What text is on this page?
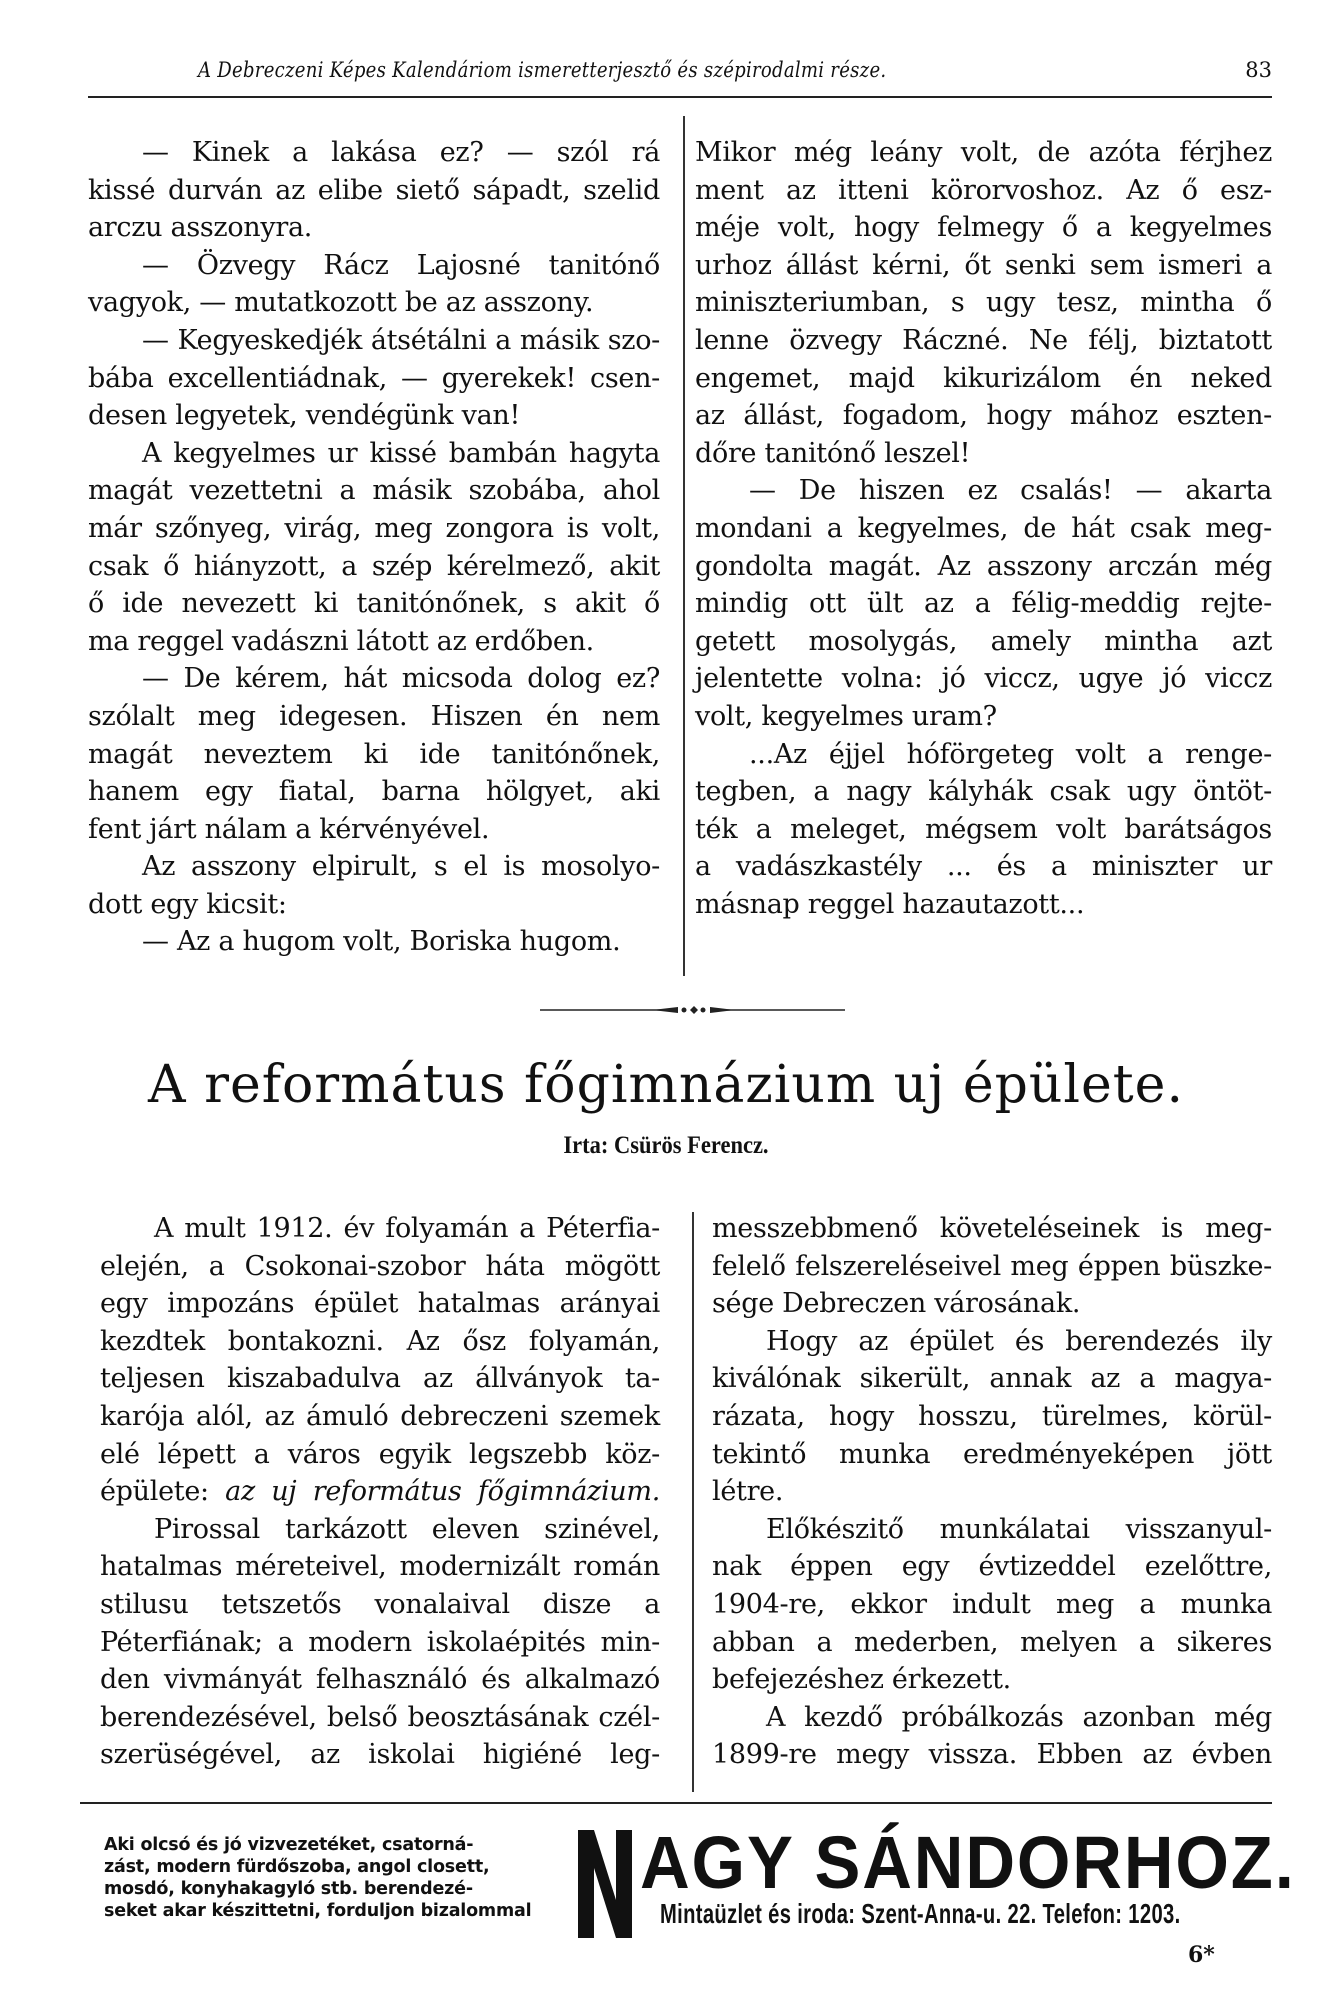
A Debreczeni Képes Kalendáriom ismeretterjesztő és szépirodalmi része.	83
— Kinek a lakása ez? — szól rá
kissé durván az elibe siető sápadt, szelid
arczu asszonyra.
— Özvegy Rácz Lajosné tanitónő
vagyok, — mutatkozott be az asszony.
— Kegyeskedjék átsétálni a másik szo-
bába excellentiádnak, — gyerekek! csen-
desen legyetek, vendégünk van!
A kegyelmes ur kissé bambán hagyta
magát vezettetni a másik szobába, ahol
már szőnyeg, virág, meg zongora is volt,
csak ő hiányzott, a szép kérelmező, akit
ő ide nevezett ki tanitónőnek, s akit ő
ma reggel vadászni látott az erdőben.
— De kérem, hát micsoda dolog ez?
szólalt meg idegesen. Hiszen én nem
magát neveztem ki ide tanitónőnek,
hanem egy fiatal, barna hölgyet, aki
fent járt nálam a kérvényével.
Az asszony elpirult, s el is mosolyo-
dott egy kicsit:
— Az a hugom volt, Boriska hugom.
Mikor még leány volt, de azóta férjhez
ment az itteni körorvoshoz. Az ő esz-
méje volt, hogy felmegy ő a kegyelmes
urhoz állást kérni, őt senki sem ismeri a
miniszteriumban, s ugy tesz, mintha ő
lenne özvegy Ráczné. Ne félj, biztatott
engemet, majd kikurizálom én neked
az állást, fogadom, hogy mához eszten-
dőre tanitónő leszel!
— De hiszen ez csalás! — akarta
mondani a kegyelmes, de hát csak meg-
gondolta magát. Az asszony arczán még
mindig ott ült az a félig-meddig rejte-
getett mosolygás, amely mintha azt
jelentette volna: jó viccz, ugye jó viccz
volt, kegyelmes uram?
...Az éjjel hóförgeteg volt a renge-
tegben, a nagy kályhák csak ugy öntöt-
ték a meleget, mégsem volt barátságos
a vadászkastély ... és a miniszter ur
másnap reggel hazautazott...
A református főgimnázium uj épülete.
Irta: Csürös Ferencz.
A mult 1912. év folyamán a Péterfia-
elején, a Csokonai-szobor háta mögött
egy impozáns épület hatalmas arányai
kezdtek bontakozni. Az ősz folyamán,
teljesen kiszabadulva az állványok ta-
karója alól, az ámuló debreczeni szemek
elé lépett a város egyik legszebb köz-
épülete: az uj református főgimnázium.
Pirossal tarkázott eleven szinével,
hatalmas méreteivel, modernizált román
stilusu tetszetős vonalaival disze a
Péterfiának; a modern iskolaépités min-
den vivmányát felhasználó és alkalmazó
berendezésével, belső beosztásának czél-
szerüségével, az iskolai higiéné leg-
messzebbmenő követeléseinek is meg-
felelő felszereléseivel meg éppen büszke-
sége Debreczen városának.
Hogy az épület és berendezés ily
kiválónak sikerült, annak az a magya-
rázata, hogy hosszu, türelmes, körül-
tekintő munka eredményeképen jött
létre.
Előkészitő munkálatai visszanyul-
nak éppen egy évtizeddel ezelőttre,
1904-re, ekkor indult meg a munka
abban a mederben, melyen a sikeres
befejezéshez érkezett.
A kezdő próbálkozás azonban még
1899-re megy vissza. Ebben az évben
Aki olcsó és jó vizvezetéket, csatorná-
zást, modern fürdőszoba, angol closett,
mosdó, konyhakagyló stb. berendezé-
seket akar készittetni, forduljon bizalommal
AGY SÁNDORHOZ.
Mintaüzlet és iroda: Szent-Anna-u. 22. Telefon: 1203.
6*
